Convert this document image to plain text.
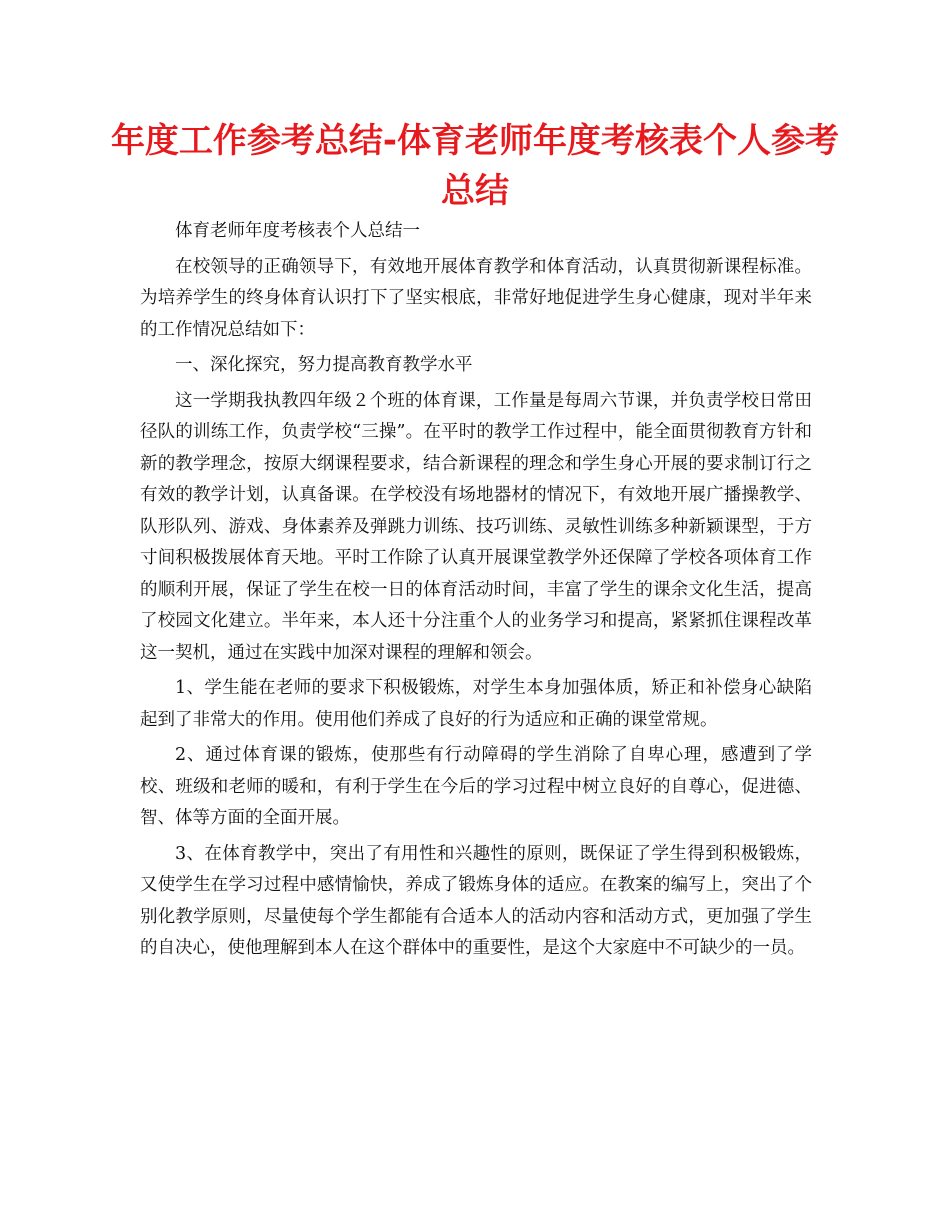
年度工作参考总结-体育老师年度考核表个人参考总结

体育老师年度考核表个人总结一

在校领导的正确领导下，有效地开展体育教学和体育活动，认真贯彻新课程标准。为培养学生的终身体育认识打下了坚实根底，非常好地促进学生身心健康，现对半年来的工作情况总结如下：

一、深化探究，努力提高教育教学水平

这一学期我执教四年级２个班的体育课，工作量是每周六节课，并负责学校日常田径队的训练工作，负责学校“三操”。在平时的教学工作过程中，能全面贯彻教育方针和新的教学理念，按原大纲课程要求，结合新课程的理念和学生身心开展的要求制订行之有效的教学计划，认真备课。在学校没有场地器材的情况下，有效地开展广播操教学、队形队列、游戏、身体素养及弹跳力训练、技巧训练、灵敏性训练多种新颖课型，于方寸间积极拨展体育天地。平时工作除了认真开展课堂教学外还保障了学校各项体育工作的顺利开展，保证了学生在校一日的体育活动时间，丰富了学生的课余文化生活，提高了校园文化建立。半年来，本人还十分注重个人的业务学习和提高，紧紧抓住课程改革这一契机，通过在实践中加深对课程的理解和领会。

1、学生能在老师的要求下积极锻炼，对学生本身加强体质，矫正和补偿身心缺陷起到了非常大的作用。使用他们养成了良好的行为适应和正确的课堂常规。

2、通过体育课的锻炼，使那些有行动障碍的学生消除了自卑心理，感遭到了学校、班级和老师的暖和，有利于学生在今后的学习过程中树立良好的自尊心，促进德、智、体等方面的全面开展。

3、在体育教学中，突出了有用性和兴趣性的原则，既保证了学生得到积极锻炼，又使学生在学习过程中感情愉快，养成了锻炼身体的适应。在教案的编写上，突出了个别化教学原则，尽量使每个学生都能有合适本人的活动内容和活动方式，更加强了学生的自决心，使他理解到本人在这个群体中的重要性，是这个大家庭中不可缺少的一员。
